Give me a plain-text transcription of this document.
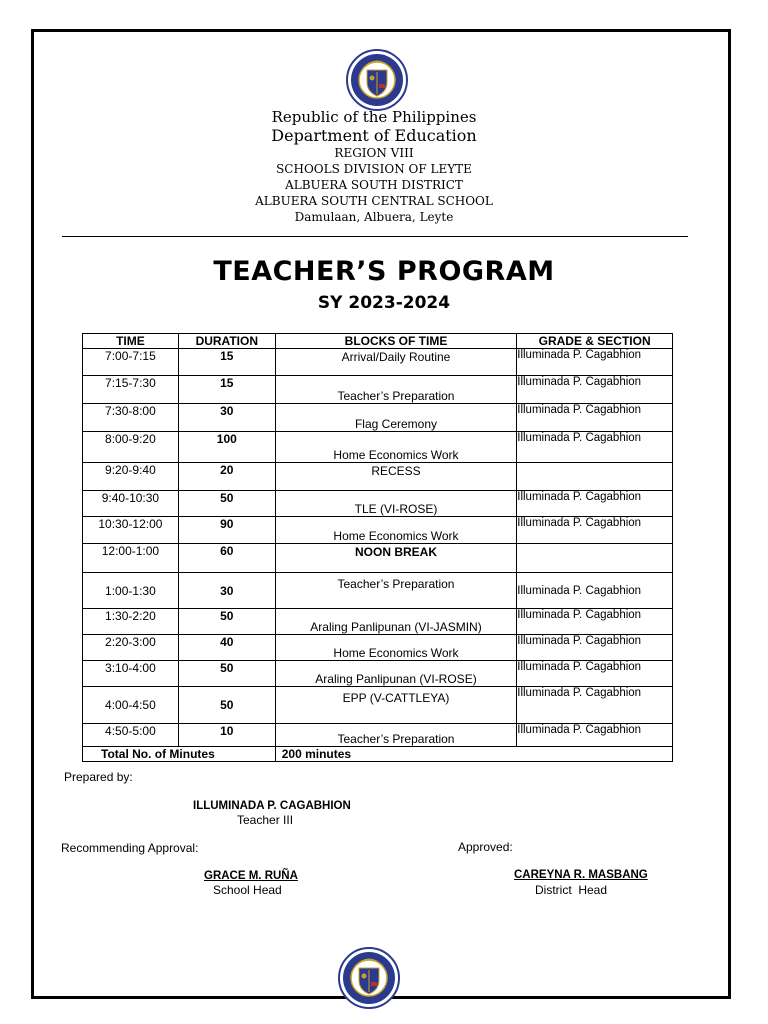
Republic of the Philippines
Department of Education
REGION VIII
SCHOOLS DIVISION OF LEYTE
ALBUERA SOUTH DISTRICT
ALBUERA SOUTH CENTRAL SCHOOL
Damulaan, Albuera, Leyte
TEACHER’S PROGRAM
SY 2023-2024
TIME	DURATION	BLOCKS OF TIME	GRADE & SECTION
7:00-7:15	15	Arrival/Daily Routine	Illuminada P. Cagabhion
7:15-7:30	15	Teacher’s Preparation	Illuminada P. Cagabhion
7:30-8:00	30	Flag Ceremony	Illuminada P. Cagabhion
8:00-9:20	100	Home Economics Work	Illuminada P. Cagabhion
9:20-9:40	20	RECESS	
9:40-10:30	50	TLE (VI-ROSE)	Illuminada P. Cagabhion
10:30-12:00	90	Home Economics Work	Illuminada P. Cagabhion
12:00-1:00	60	NOON BREAK	
1:00-1:30	30	Teacher’s Preparation	Illuminada P. Cagabhion
1:30-2:20	50	Araling Panlipunan (VI-JASMIN)	Illuminada P. Cagabhion
2:20-3:00	40	Home Economics Work	Illuminada P. Cagabhion
3:10-4:00	50	Araling Panlipunan (VI-ROSE)	Illuminada P. Cagabhion
4:00-4:50	50	EPP (V-CATTLEYA)	Illuminada P. Cagabhion
4:50-5:00	10	Teacher’s Preparation	Illuminada P. Cagabhion
Total No. of Minutes		200 minutes	
Prepared by:
ILLUMINADA P. CAGABHION
Teacher III
Recommending Approval:
GRACE M. RUÑA
School Head
Approved:
CAREYNA R. MASBANG
District  Head
